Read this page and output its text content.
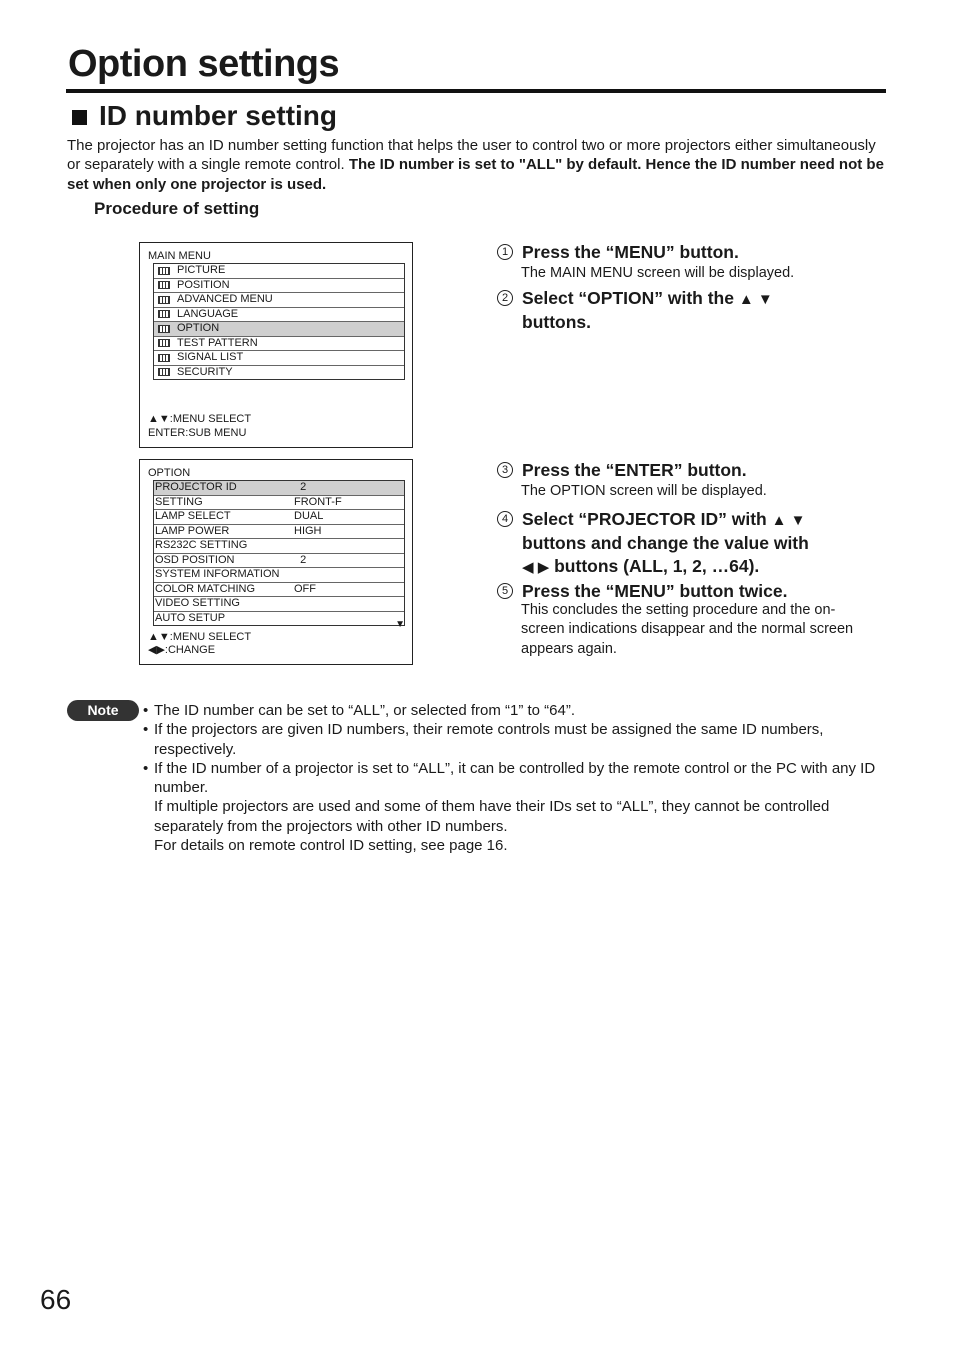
Option settings
ID number setting
The projector has an ID number setting function that helps the user to control two or more projectors either simultaneously or separately with a single remote control. The ID number is set to "ALL" by default. Hence the ID number need not be set when only one projector is used.
Procedure of setting
MAIN MENU
PICTURE
POSITION
ADVANCED MENU
LANGUAGE
OPTION
TEST PATTERN
SIGNAL LIST
SECURITY
▲▼:MENU SELECT
ENTER:SUB MENU
OPTION
PROJECTOR ID	2
SETTING	FRONT-F
LAMP SELECT	DUAL
LAMP POWER	HIGH
RS232C SETTING
OSD POSITION	2
SYSTEM INFORMATION
COLOR MATCHING	OFF
VIDEO SETTING
AUTO SETUP
▼
▲▼:MENU SELECT
◀▶:CHANGE
1 Press the “MENU” button.
The MAIN MENU screen will be displayed.
2 Select “OPTION” with the ▲ ▼
buttons.
3 Press the “ENTER” button.
The OPTION screen will be displayed.
4 Select “PROJECTOR ID” with ▲ ▼
buttons and change the value with
◀ ▶ buttons (ALL, 1, 2, …64).
5 Press the “MENU” button twice.
This concludes the setting procedure and the on-screen indications disappear and the normal screen appears again.
Note	• The ID number can be set to “ALL”, or selected from “1” to “64”.
• If the projectors are given ID numbers, their remote controls must be assigned the same ID numbers, respectively.
• If the ID number of a projector is set to “ALL”, it can be controlled by the remote control or the PC with any ID number.
If multiple projectors are used and some of them have their IDs set to “ALL”, they cannot be controlled separately from the projectors with other ID numbers.
For details on remote control ID setting, see page 16.
66
